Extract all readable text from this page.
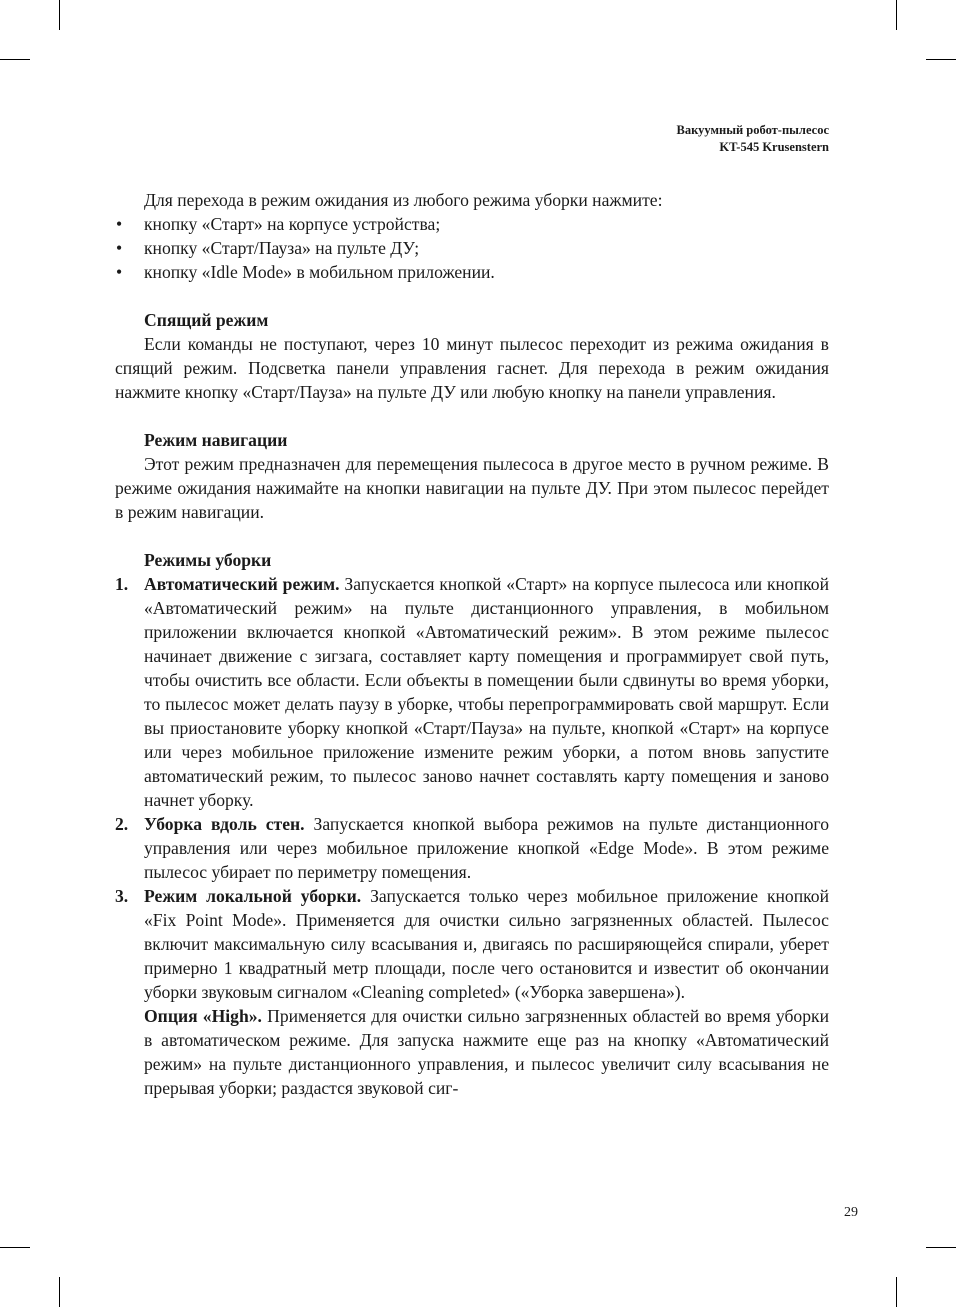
Вакуумный робот-пылесос
KT-545 Krusenstern

Для перехода в режим ожидания из любого режима уборки нажмите:

• кнопку «Старт» на корпусе устройства;
• кнопку «Старт/Пауза» на пульте ДУ;
• кнопку «Idle Mode» в мобильном приложении.
Спящий режим

Если команды не поступают, через 10 минут пылесос переходит из режима ожидания в спящий режим. Подсветка панели управления гаснет. Для перехода в режим ожидания нажмите кнопку «Старт/Пауза» на пульте ДУ или любую кнопку на панели управления.

Режим навигации

Этот режим предназначен для перемещения пылесоса в другое место в ручном режиме. В режиме ожидания нажимайте на кнопки навигации на пульте ДУ. При этом пылесос перейдет в режим навигации.

Режимы уборки
1. Автоматический режим. Запускается кнопкой «Старт» на корпусе пылесоса или кнопкой «Автоматический режим» на пульте дистанционного управления, в мобильном приложении включается кнопкой «Автоматический режим». В этом режиме пылесос начинает движение с зигзага, составляет карту помещения и программирует свой путь, чтобы очистить все области. Если объекты в помещении были сдвинуты во время уборки, то пылесос может делать паузу в уборке, чтобы перепрограммировать свой маршрут. Если вы приостановите уборку кнопкой «Старт/Пауза» на пульте, кнопкой «Старт» на корпусе или через мобильное приложение измените режим уборки, а потом вновь запустите автоматический режим, то пылесос заново начнет составлять карту помещения и заново начнет уборку.
2. Уборка вдоль стен. Запускается кнопкой выбора режимов на пульте дистанционного управления или через мобильное приложение кнопкой «Edge Mode». В этом режиме пылесос убирает по периметру помещения.
3. Режим локальной уборки. Запускается только через мобильное приложение кнопкой «Fix Point Mode». Применяется для очистки сильно загрязненных областей. Пылесос включит максимальную силу всасывания и, двигаясь по расширяющейся спирали, уберет примерно 1 квадратный метр площади, после чего остановится и известит об окончании уборки звуковым сигналом «Cleaning completed» («Уборка завершена»).
Опция «High». Применяется для очистки сильно загрязненных областей во время уборки в автоматическом режиме. Для запуска нажмите еще раз на кнопку «Автоматический режим» на пульте дистанционного управления, и пылесос увеличит силу всасывания не прерывая уборки; раздастся звуковой сиг-
29
